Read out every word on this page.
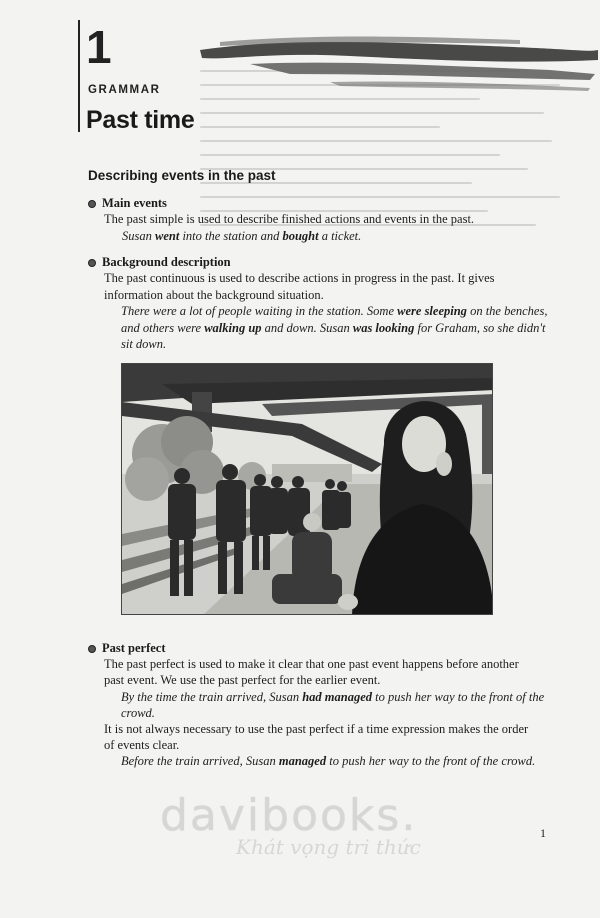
1
GRAMMAR
Past time
Describing events in the past
Main events
The past simple is used to describe finished actions and events in the past.
Susan went into the station and bought a ticket.
Background description
The past continuous is used to describe actions in progress in the past. It gives
information about the background situation.
There were a lot of people waiting in the station. Some were sleeping on the benches,
and others were walking up and down. Susan was looking for Graham, so she didn't
sit down.
Past perfect
The past perfect is used to make it clear that one past event happens before another
past event. We use the past perfect for the earlier event.
By the time the train arrived, Susan had managed to push her way to the front of the
crowd.
It is not always necessary to use the past perfect if a time expression makes the order
of events clear.
Before the train arrived, Susan managed to push her way to the front of the crowd.
1
davibooks.
Khát vọng tri thức
